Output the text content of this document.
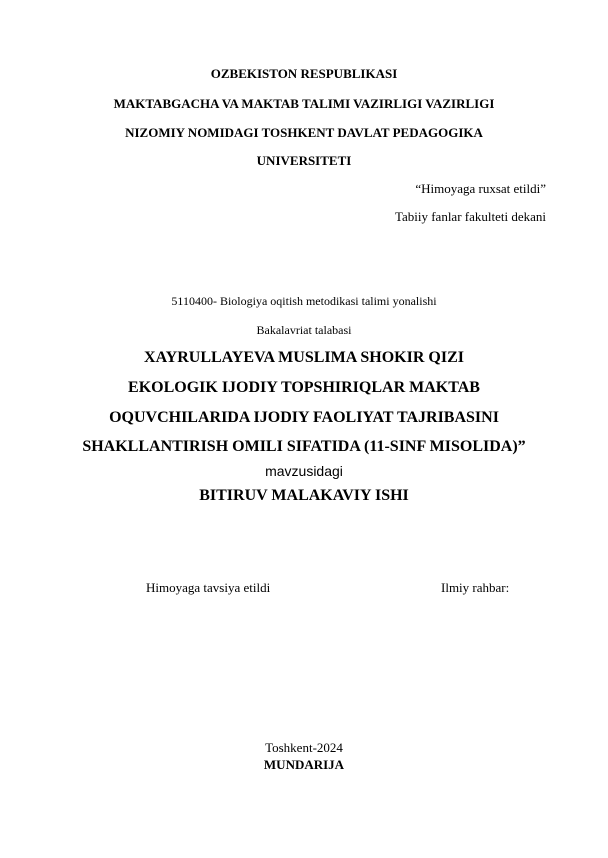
OZBEKISTON RESPUBLIKASI
MAKTABGACHA VA MAKTAB TALIMI VAZIRLIGI VAZIRLIGI
NIZOMIY NOMIDAGI TOSHKENT DAVLAT PEDAGOGIKA
UNIVERSITETI
“Himoyaga ruxsat etildi”
Tabiiy fanlar fakulteti dekani
5110400- Biologiya oqitish metodikasi talimi yonalishi
Bakalavriat talabasi
XAYRULLAYEVA MUSLIMA SHOKIR QIZI
EKOLOGIK IJODIY TOPSHIRIQLAR MAKTAB
OQUVCHILARIDA IJODIY FAOLIYAT TAJRIBASINI
SHAKLLANTIRISH OMILI SIFATIDA (11-SINF MISOLIDA)”
mavzusidagi
BITIRUV MALAKAVIY ISHI
Himoyaga tavsiya etildi	Ilmiy rahbar:
Toshkent-2024
MUNDARIJA
